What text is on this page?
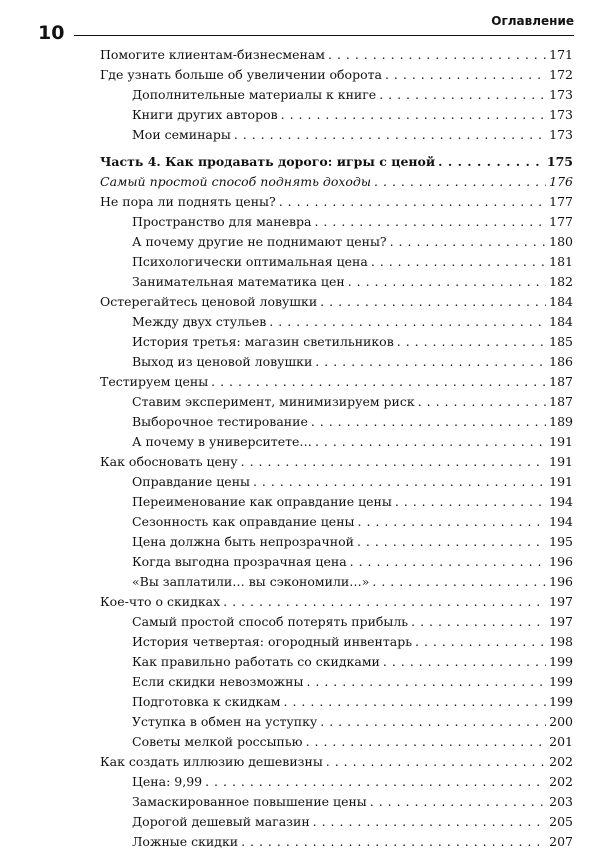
10
Оглавление
Помогите клиентам-бизнесменам . . .	171
Где узнать больше об увеличении оборота . . .	172
Дополнительные материалы к книге . . .	173
Книги других авторов . . .	173
Мои семинары . . .	173
Часть 4. Как продавать дорого: игры с ценой . . .	175
Самый простой способ поднять доходы . . .	176
Не пора ли поднять цены? . . .	177
Пространство для маневра . . .	177
А почему другие не поднимают цены? . . .	180
Психологически оптимальная цена . . .	181
Занимательная математика цен . . .	182
Остерегайтесь ценовой ловушки . . .	184
Между двух стульев . . .	184
История третья: магазин светильников . . .	185
Выход из ценовой ловушки . . .	186
Тестируем цены . . .	187
Ставим эксперимент, минимизируем риск . . .	187
Выборочное тестирование . . .	189
А почему в университете… . . .	191
Как обосновать цену . . .	191
Оправдание цены . . .	191
Переименование как оправдание цены . . .	194
Сезонность как оправдание цены . . .	194
Цена должна быть непрозрачной . . .	195
Когда выгодна прозрачная цена . . .	196
«Вы заплатили… вы сэкономили…» . . .	196
Кое-что о скидках . . .	197
Самый простой способ потерять прибыль . . .	197
История четвертая: огородный инвентарь . . .	198
Как правильно работать со скидками . . .	199
Если скидки невозможны . . .	199
Подготовка к скидкам . . .	199
Уступка в обмен на уступку . . .	200
Советы мелкой россыпью . . .	201
Как создать иллюзию дешевизны . . .	202
Цена: 9,99 . . .	202
Замаскированное повышение цены . . .	203
Дорогой дешевый магазин . . .	205
Ложные скидки . . .	207
